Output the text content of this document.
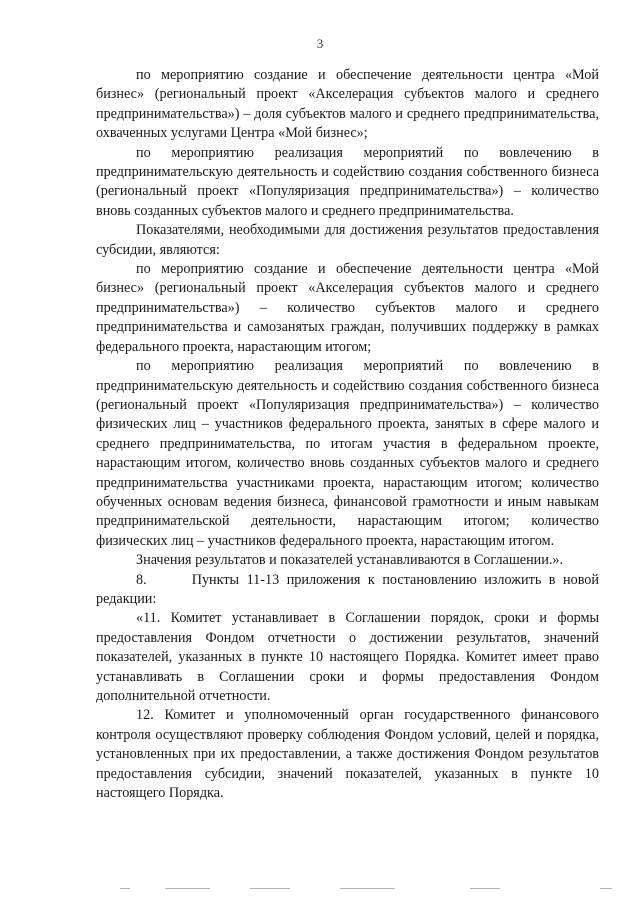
3

по мероприятию создание и обеспечение деятельности центра «Мой бизнес» (региональный проект «Акселерация субъектов малого и среднего предпринимательства») – доля субъектов малого и среднего предпринимательства, охваченных услугами Центра «Мой бизнес»;

по мероприятию реализация мероприятий по вовлечению в предпринимательскую деятельность и содействию создания собственного бизнеса (региональный проект «Популяризация предпринимательства») – количество вновь созданных субъектов малого и среднего предпринимательства.

Показателями, необходимыми для достижения результатов предоставления субсидии, являются:

по мероприятию создание и обеспечение деятельности центра «Мой бизнес» (региональный проект «Акселерация субъектов малого и среднего предпринимательства») – количество субъектов малого и среднего предпринимательства и самозанятых граждан, получивших поддержку в рамках федерального проекта, нарастающим итогом;

по мероприятию реализация мероприятий по вовлечению в предпринимательскую деятельность и содействию создания собственного бизнеса (региональный проект «Популяризация предпринимательства») – количество физических лиц – участников федерального проекта, занятых в сфере малого и среднего предпринимательства, по итогам участия в федеральном проекте, нарастающим итогом, количество вновь созданных субъектов малого и среднего предпринимательства участниками проекта, нарастающим итогом; количество обученных основам ведения бизнеса, финансовой грамотности и иным навыкам предпринимательской деятельности, нарастающим итогом; количество физических лиц – участников федерального проекта, нарастающим итогом.

Значения результатов и показателей устанавливаются в Соглашении.».

8.      Пункты 11-13 приложения к постановлению изложить в новой редакции:

«11. Комитет устанавливает в Соглашении порядок, сроки и формы предоставления Фондом отчетности о достижении результатов, значений показателей, указанных в пункте 10 настоящего Порядка. Комитет имеет право устанавливать в Соглашении сроки и формы предоставления Фондом дополнительной отчетности.

12. Комитет и уполномоченный орган государственного финансового контроля осуществляют проверку соблюдения Фондом условий, целей и порядка, установленных при их предоставлении, а также достижения Фондом результатов предоставления субсидии, значений показателей, указанных в пункте 10 настоящего Порядка.
